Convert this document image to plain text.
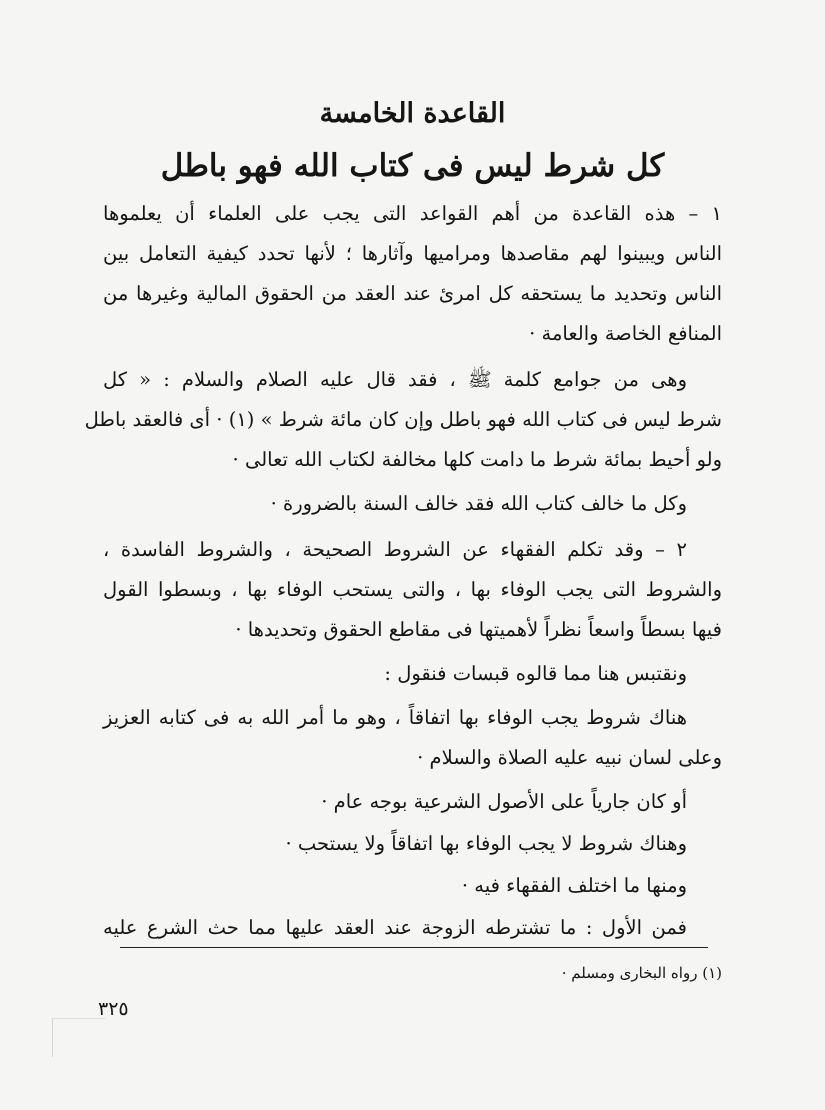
القاعدة الخامسة
كل شرط ليس فى كتاب الله فهو باطل
١ – هذه القاعدة من أهم القواعد التى يجب على العلماء أن يعلموها
الناس ويبينوا لهم مقاصدها ومراميها وآثارها ؛ لأنها تحدد كيفية التعامل بين
الناس وتحديد ما يستحقه كل امرئ عند العقد من الحقوق المالية وغيرها من
المنافع الخاصة والعامة ·
وهى من جوامع كلمة ﷺ ، فقد قال عليه الصلام والسلام : « كل
شرط ليس فى كتاب الله فهو باطل وإن كان مائة شرط » (١) · أى فالعقد باطل
ولو أحيط بمائة شرط ما دامت كلها مخالفة لكتاب الله تعالى ·
وكل ما خالف كتاب الله فقد خالف السنة بالضرورة ·
٢ – وقد تكلم الفقهاء عن الشروط الصحيحة ، والشروط الفاسدة ،
والشروط التى يجب الوفاء بها ، والتى يستحب الوفاء بها ، وبسطوا القول
فيها بسطاً واسعاً نظراً لأهميتها فى مقاطع الحقوق وتحديدها ·
ونقتبس هنا مما قالوه قبسات فنقول :
هناك شروط يجب الوفاء بها اتفاقاً ، وهو ما أمر الله به فى كتابه العزيز
وعلى لسان نبيه عليه الصلاة والسلام ·
أو كان جارياً على الأصول الشرعية بوجه عام ·
وهناك شروط لا يجب الوفاء بها اتفاقاً ولا يستحب ·
ومنها ما اختلف الفقهاء فيه ·
فمن الأول : ما تشترطه الزوجة عند العقد عليها مما حث الشرع عليه
(١) رواه البخارى ومسلم ·
٣٢٥
